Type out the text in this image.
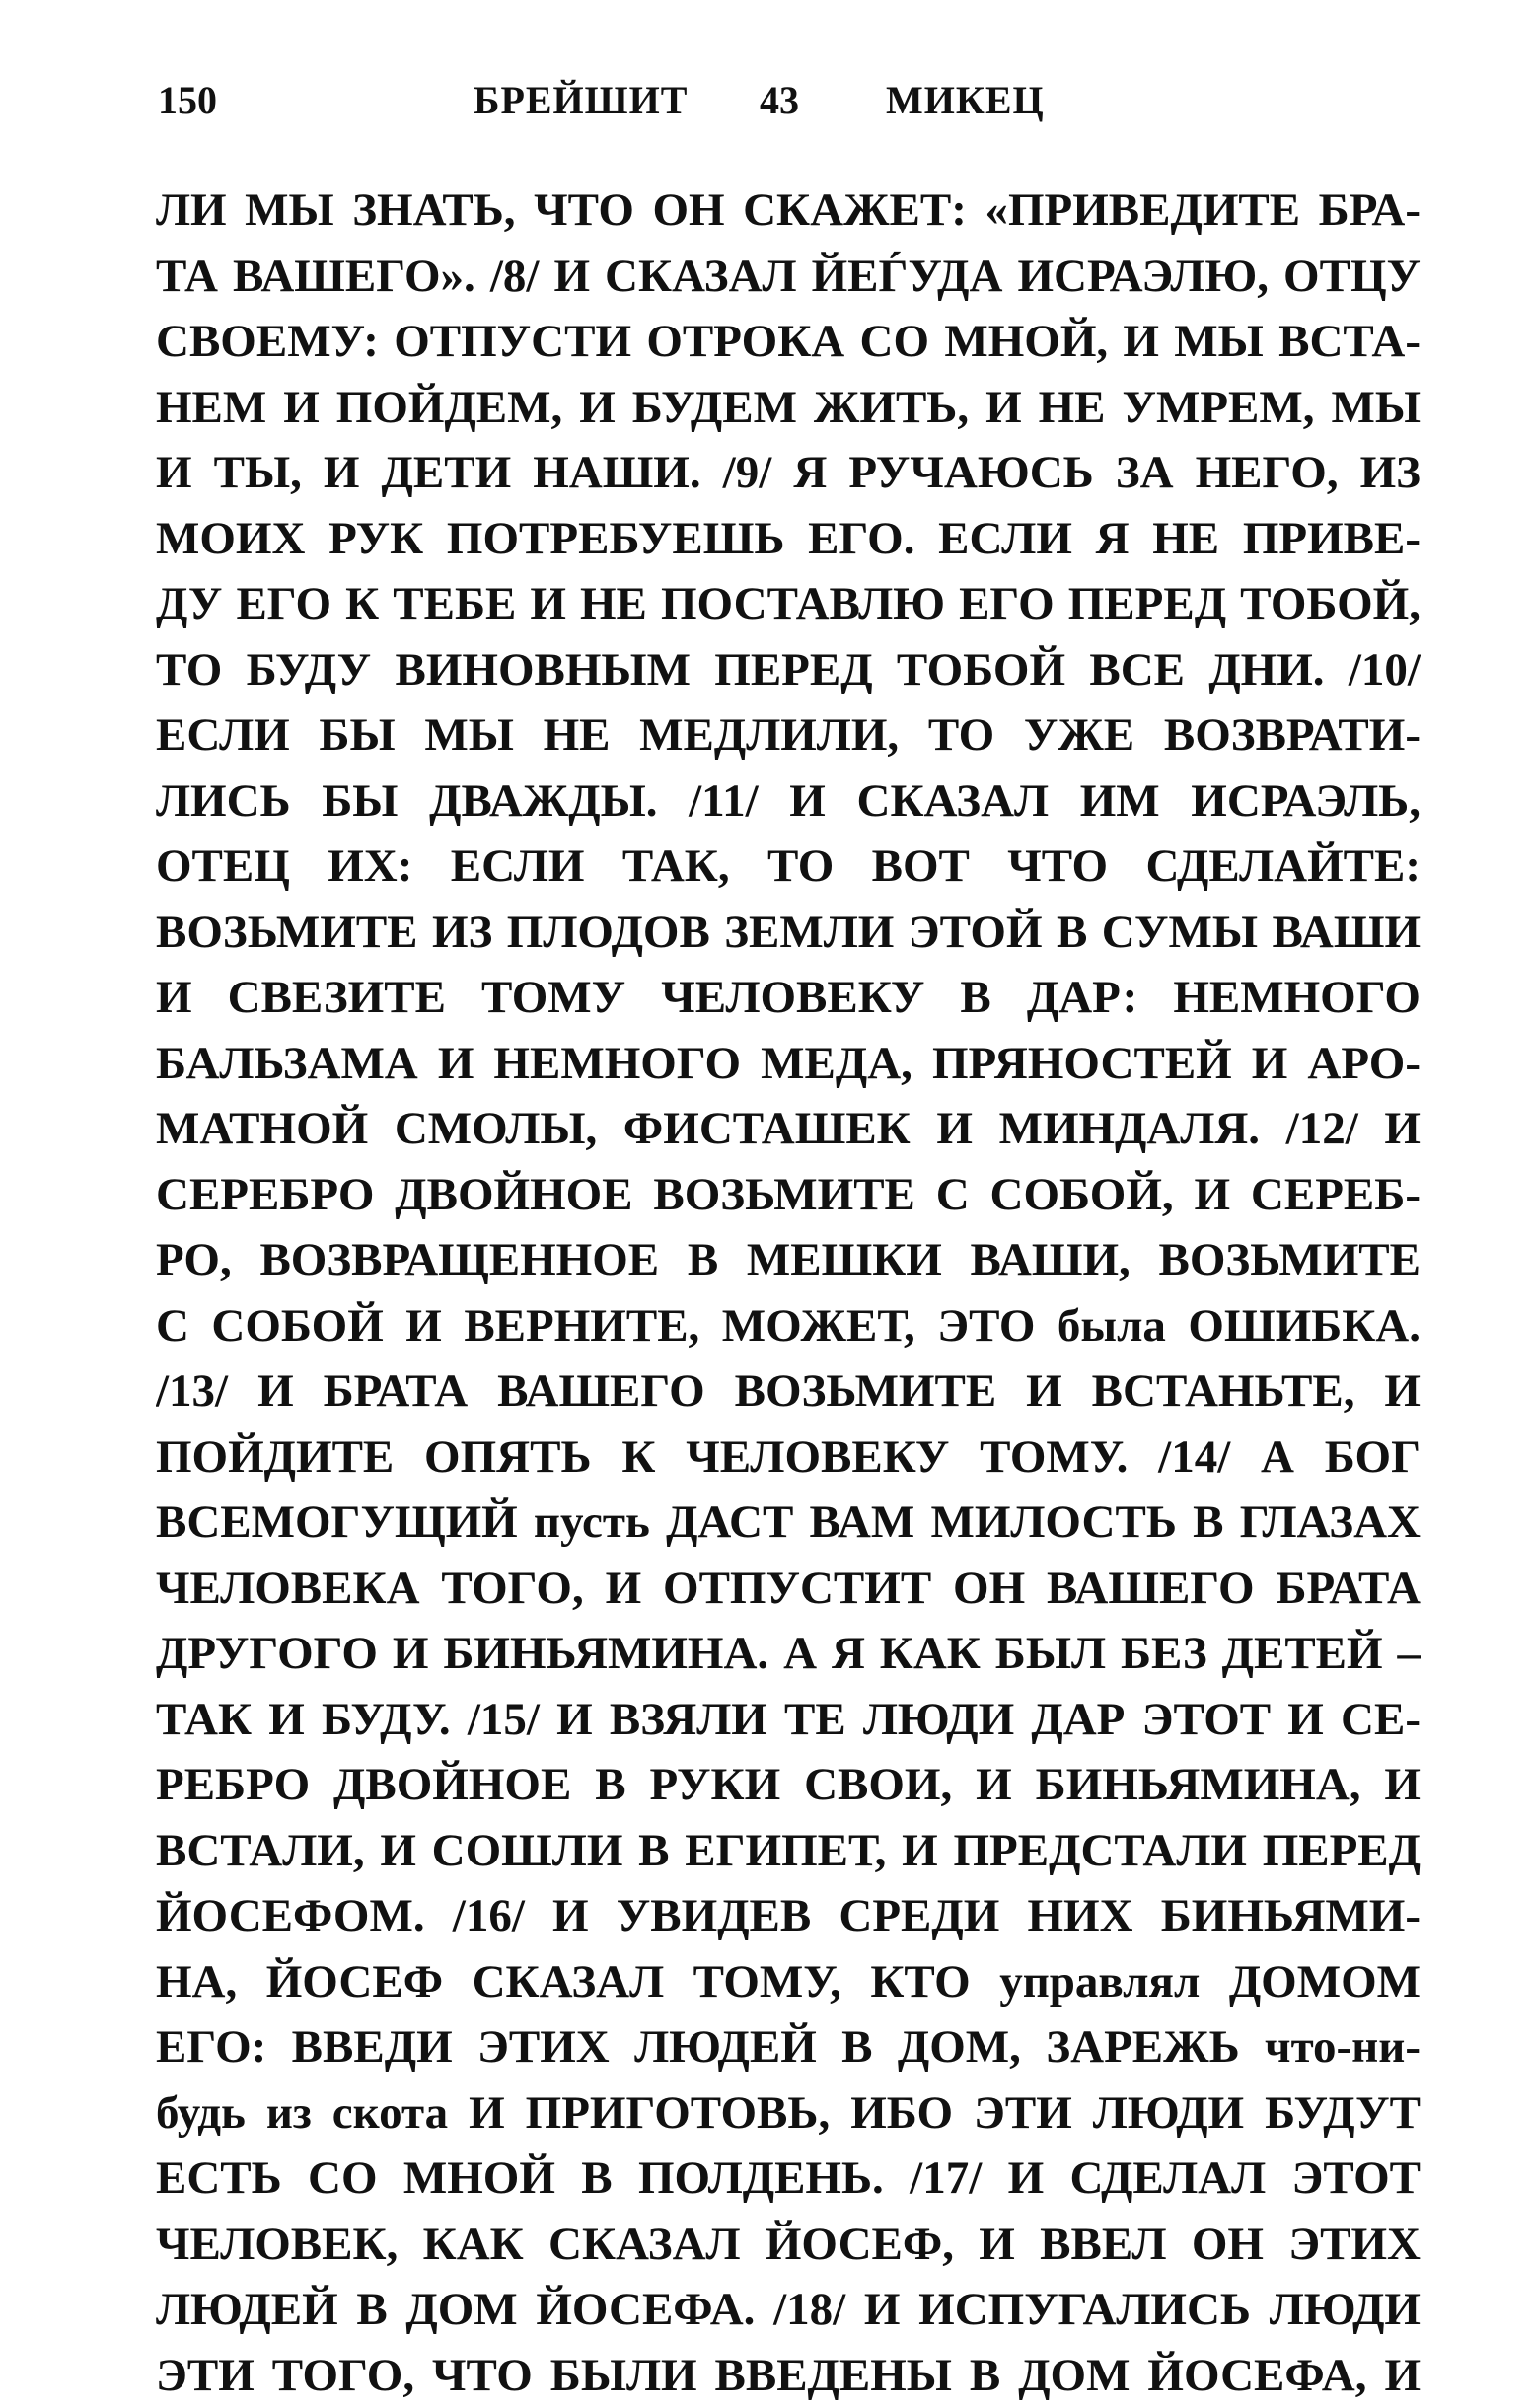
150	БРЕЙШИТ 43 МИКЕЦ
ЛИ МЫ ЗНАТЬ, ЧТО ОН СКАЖЕТ: «ПРИВЕДИТЕ БРА-
ТА ВАШЕГО». /8/ И СКАЗАЛ ЙЕЃУДА ИСРАЭЛЮ, ОТЦУ
СВОЕМУ: ОТПУСТИ ОТРОКА СО МНОЙ, И МЫ ВСТА-
НЕМ И ПОЙДЕМ, И БУДЕМ ЖИТЬ, И НЕ УМРЕМ, МЫ
И ТЫ, И ДЕТИ НАШИ. /9/ Я РУЧАЮСЬ ЗА НЕГО, ИЗ
МОИХ РУК ПОТРЕБУЕШЬ ЕГО. ЕСЛИ Я НЕ ПРИВЕ-
ДУ ЕГО К ТЕБЕ И НЕ ПОСТАВЛЮ ЕГО ПЕРЕД ТОБОЙ,
ТО БУДУ ВИНОВНЫМ ПЕРЕД ТОБОЙ ВСЕ ДНИ. /10/
ЕСЛИ БЫ МЫ НЕ МЕДЛИЛИ, ТО УЖЕ ВОЗВРАТИ-
ЛИСЬ БЫ ДВАЖДЫ. /11/ И СКАЗАЛ ИМ ИСРАЭЛЬ,
ОТЕЦ ИХ: ЕСЛИ ТАК, ТО ВОТ ЧТО СДЕЛАЙТЕ:
ВОЗЬМИТЕ ИЗ ПЛОДОВ ЗЕМЛИ ЭТОЙ В СУМЫ ВАШИ
И СВЕЗИТЕ ТОМУ ЧЕЛОВЕКУ В ДАР: НЕМНОГО
БАЛЬЗАМА И НЕМНОГО МЕДА, ПРЯНОСТЕЙ И АРО-
МАТНОЙ СМОЛЫ, ФИСТАШЕК И МИНДАЛЯ. /12/ И
СЕРЕБРО ДВОЙНОЕ ВОЗЬМИТЕ С СОБОЙ, И СЕРЕБ-
РО, ВОЗВРАЩЕННОЕ В МЕШКИ ВАШИ, ВОЗЬМИТЕ
С СОБОЙ И ВЕРНИТЕ, МОЖЕТ, ЭТО была ОШИБКА.
/13/ И БРАТА ВАШЕГО ВОЗЬМИТЕ И ВСТАНЬТЕ, И
ПОЙДИТЕ ОПЯТЬ К ЧЕЛОВЕКУ ТОМУ. /14/ А БОГ
ВСЕМОГУЩИЙ пусть ДАСТ ВАМ МИЛОСТЬ В ГЛАЗАХ
ЧЕЛОВЕКА ТОГО, И ОТПУСТИТ ОН ВАШЕГО БРАТА
ДРУГОГО И БИНЬЯМИНА. А Я КАК БЫЛ БЕЗ ДЕТЕЙ –
ТАК И БУДУ. /15/ И ВЗЯЛИ ТЕ ЛЮДИ ДАР ЭТОТ И СЕ-
РЕБРО ДВОЙНОЕ В РУКИ СВОИ, И БИНЬЯМИНА, И
ВСТАЛИ, И СОШЛИ В ЕГИПЕТ, И ПРЕДСТАЛИ ПЕРЕД
ЙОСЕФОМ. /16/ И УВИДЕВ СРЕДИ НИХ БИНЬЯМИ-
НА, ЙОСЕФ СКАЗАЛ ТОМУ, КТО управлял ДОМОМ
ЕГО: ВВЕДИ ЭТИХ ЛЮДЕЙ В ДОМ, ЗАРЕЖЬ что-ни-
будь из скота И ПРИГОТОВЬ, ИБО ЭТИ ЛЮДИ БУДУТ
ЕСТЬ СО МНОЙ В ПОЛДЕНЬ. /17/ И СДЕЛАЛ ЭТОТ
ЧЕЛОВЕК, КАК СКАЗАЛ ЙОСЕФ, И ВВЕЛ ОН ЭТИХ
ЛЮДЕЙ В ДОМ ЙОСЕФА. /18/ И ИСПУГАЛИСЬ ЛЮДИ
ЭТИ ТОГО, ЧТО БЫЛИ ВВЕДЕНЫ В ДОМ ЙОСЕФА, И
